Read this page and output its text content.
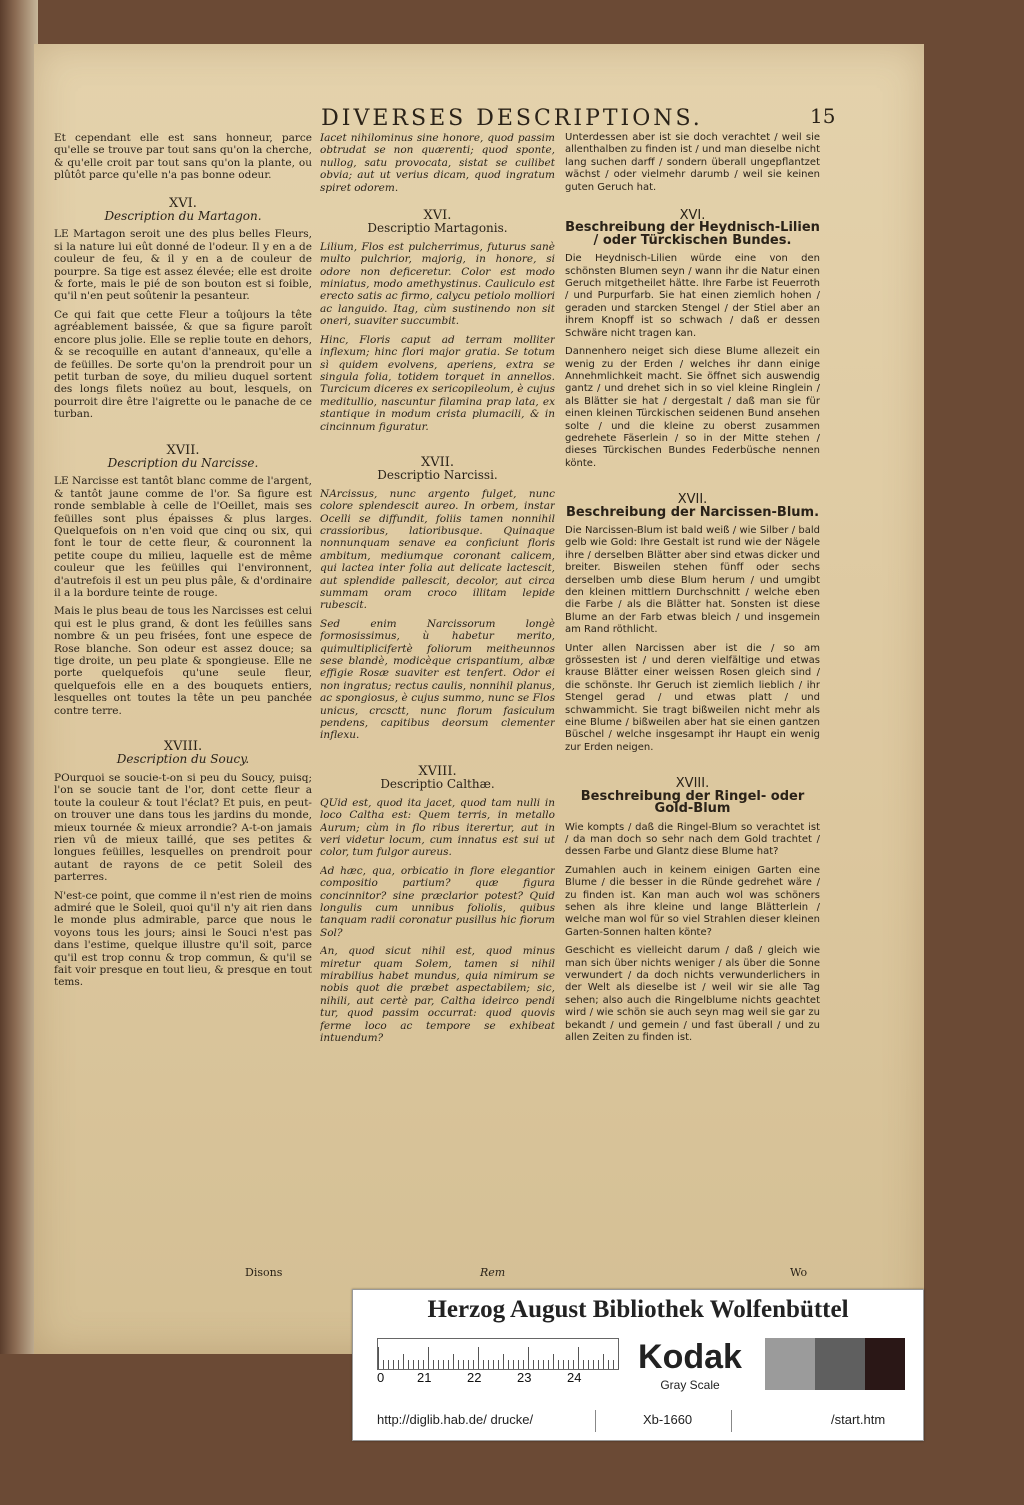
DIVERSES DESCRIPTIONS.	15

Et cependant elle est sans honneur, parce qu'elle se trouve par tout sans qu'on la cherche, & qu'elle croit par tout sans qu'on la plante, ou plûtôt parce qu'elle n'a pas bonne odeur.

XVI.
Description du Martagon.

LE Martagon seroit une des plus belles Fleurs, si la nature lui eût donné de l'odeur. Il y en a de couleur de feu, & il y en a de couleur de pourpre. Sa tige est assez élevée; elle est droite & forte, mais le pié de son bouton est si foible, qu'il n'en peut soûtenir la pesanteur.

Ce qui fait que cette Fleur a toûjours la tête agréablement baissée, & que sa figure paroît encore plus jolie. Elle se replie toute en dehors, & se recoquille en autant d'anneaux, qu'elle a de feüilles. De sorte qu'on la prendroit pour un petit turban de soye, du milieu duquel sortent des longs filets noüez au bout, lesquels, on pourroit dire être l'aigrette ou le panache de ce turban.

XVII.
Description du Narcisse.

LE Narcisse est tantôt blanc comme de l'argent, & tantôt jaune comme de l'or. Sa figure est ronde semblable à celle de l'Oeillet, mais ses feüilles sont plus épaisses & plus larges. Quelquefois on n'en void que cinq ou six, qui font le tour de cette fleur, & couronnent la petite coupe du milieu, laquelle est de même couleur que les feüilles qui l'environnent, d'autrefois il est un peu plus pâle, & d'ordinaire il a la bordure teinte de rouge.

Mais le plus beau de tous les Narcisses est celui qui est le plus grand, & dont les feüilles sans nombre & un peu frisées, font une espece de Rose blanche. Son odeur est assez douce; sa tige droite, un peu plate & spongieuse. Elle ne porte quelquefois qu'une seule fleur, quelquefois elle en a des bouquets entiers, lesquelles ont toutes la tête un peu panchée contre terre.

XVIII.
Description du Soucy.

POurquoi se soucie-t-on si peu du Soucy, puisq; l'on se soucie tant de l'or, dont cette fleur a toute la couleur & tout l'éclat? Et puis, en peut-on trouver une dans tous les jardins du monde, mieux tournée & mieux arrondie? A-t-on jamais rien vû de mieux taillé, que ses petites & longues feüilles, lesquelles on prendroit pour autant de rayons de ce petit Soleil des parterres.

N'est-ce point, que comme il n'est rien de moins admiré que le Soleil, quoi qu'il n'y ait rien dans le monde plus admirable, parce que nous le voyons tous les jours; ainsi le Souci n'est pas dans l'estime, quelque illustre qu'il soit, parce qu'il est trop connu & trop commun, & qu'il se fait voir presque en tout lieu, & presque en tout tems.

Iacet nihilominus sine honore, quod passim obtrudat se non quærenti; quod sponte, nullog, satu provocata, sistat se cuilibet obvia; aut ut verius dicam, quod ingratum spiret odorem.

XVI.
Descriptio Martagonis.

Lilium, Flos est pulcherrimus, futurus sanè multo pulchrior, majorig, in honore, si odore non deficeretur. Color est modo miniatus, modo amethystinus. Cauliculo est erecto satis ac firmo, calycu petiolo molliori ac languido. Itag, cùm sustinendo non sit oneri, suaviter succumbit.

Hinc, Floris caput ad terram molliter inflexum; hinc flori major gratia. Se totum sì quidem evolvens, aperiens, extra se singula folia, totidem torquet in annellos. Turcicum diceres ex sericopileolum, è cujus meditullio, nascuntur filamina prap lata, ex stantique in modum crista plumacili, & in cincinnum figuratur.

XVII.
Descriptio Narcissi.

NArcissus, nunc argento fulget, nunc colore splendescit aureo. In orbem, instar Ocelli se diffundit, foliis tamen nonnihil crassioribus, latioribusque. Quinaque nonnunquam senave ea conficiunt floris ambitum, mediumque coronant calicem, qui lactea inter folia aut delicate lactescit, aut splendide pallescit, decolor, aut circa summam oram croco illitam lepide rubescit.

Sed enim Narcissorum longè formosissimus, ù habetur merito, quimultiplicifertè foliorum meitheunnos sese blandè, modicèque crispantium, albæ effigie Rosæ suaviter est tenfert. Odor ei non ingratus; rectus caulis, nonnihil planus, ac spongiosus, è cujus summo, nunc se Flos unicus, crcsctt, nunc florum fasiculum pendens, capitibus deorsum clementer inflexu.

XVIII.
Descriptio Calthæ.

QUid est, quod ita jacet, quod tam nulli in loco Caltha est: Quem terris, in metallo Aurum; cùm in flo ribus iterertur, aut in veri videtur locum, cum innatus est sui ut color, tum fulgor aureus.

Ad hæc, qua, orbicatio in flore elegantior compositio partium? quæ figura concinnitor? sine præclarior potest? Quid longulis cum unnibus foliolis, quibus tanquam radii coronatur pusillus hic fiorum Sol?

An, quod sicut nihil est, quod minus miretur quam Solem, tamen si nihil mirabilius habet mundus, quia nimirum se nobis quot die præbet aspectabilem; sic, nihili, aut certè par, Caltha ideirco pendi tur, quod passim occurrat: quod quovis ferme loco ac tempore se exhibeat intuendum?

Unterdessen aber ist sie doch verachtet / weil sie allenthalben zu finden ist / und man dieselbe nicht lang suchen darff / sondern überall ungepflantzet wächst / oder vielmehr darumb / weil sie keinen guten Geruch hat.

XVI.
Beschreibung der Heydnisch-Lilien / oder Türckischen Bundes.

Die Heydnisch-Lilien würde eine von den schönsten Blumen seyn / wann ihr die Natur einen Geruch mitgetheilet hätte. Ihre Farbe ist Feuerroth / und Purpurfarb. Sie hat einen ziemlich hohen / geraden und starcken Stengel / der Stiel aber an ihrem Knopff ist so schwach / daß er dessen Schwäre nicht tragen kan.

Dannenhero neiget sich diese Blume allezeit ein wenig zu der Erden / welches ihr dann einige Annehmlichkeit macht. Sie öffnet sich auswendig gantz / und drehet sich in so viel kleine Ringlein / als Blätter sie hat / dergestalt / daß man sie für einen kleinen Türckischen seidenen Bund ansehen solte / und die kleine zu oberst zusammen gedrehete Fäserlein / so in der Mitte stehen / dieses Türckischen Bundes Federbüsche nennen könte.

XVII.
Beschreibung der Narcissen-Blum.

Die Narcissen-Blum ist bald weiß / wie Silber / bald gelb wie Gold: Ihre Gestalt ist rund wie der Nägele ihre / derselben Blätter aber sind etwas dicker und breiter. Bisweilen stehen fünff oder sechs derselben umb diese Blum herum / und umgibt den kleinen mittlern Durchschnitt / welche eben die Farbe / als die Blätter hat. Sonsten ist diese Blume an der Farb etwas bleich / und insgemein am Rand röthlicht.

Unter allen Narcissen aber ist die / so am grössesten ist / und deren vielfältige und etwas krause Blätter einer weissen Rosen gleich sind / die schönste. Ihr Geruch ist ziemlich lieblich / ihr Stengel gerad / und etwas platt / und schwammicht. Sie tragt bißweilen nicht mehr als eine Blume / bißweilen aber hat sie einen gantzen Büschel / welche insgesampt ihr Haupt ein wenig zur Erden neigen.

XVIII.
Beschreibung der Ringel- oder Gold-Blum

Wie kompts / daß die Ringel-Blum so verachtet ist / da man doch so sehr nach dem Gold trachtet / dessen Farbe und Glantz diese Blume hat?

Zumahlen auch in keinem einigen Garten eine Blume / die besser in die Ründe gedrehet wäre / zu finden ist. Kan man auch wol was schöners sehen als ihre kleine und lange Blätterlein / welche man wol für so viel Strahlen dieser kleinen Garten-Sonnen halten könte?

Geschicht es vielleicht darum / daß / gleich wie man sich über nichts weniger / als über die Sonne verwundert / da doch nichts verwunderlichers in der Welt als dieselbe ist / weil wir sie alle Tag sehen; also auch die Ringelblume nichts geachtet wird / wie schön sie auch seyn mag weil sie gar zu bekandt / und gemein / und fast überall / und zu allen Zeiten zu finden ist.

Disons	Rem	Wo
Herzog August Bibliothek Wolfenbüttel
0	21	22	23	24
Kodak
Gray Scale
http://diglib.hab.de/ drucke/	Xb-1660	/start.htm
